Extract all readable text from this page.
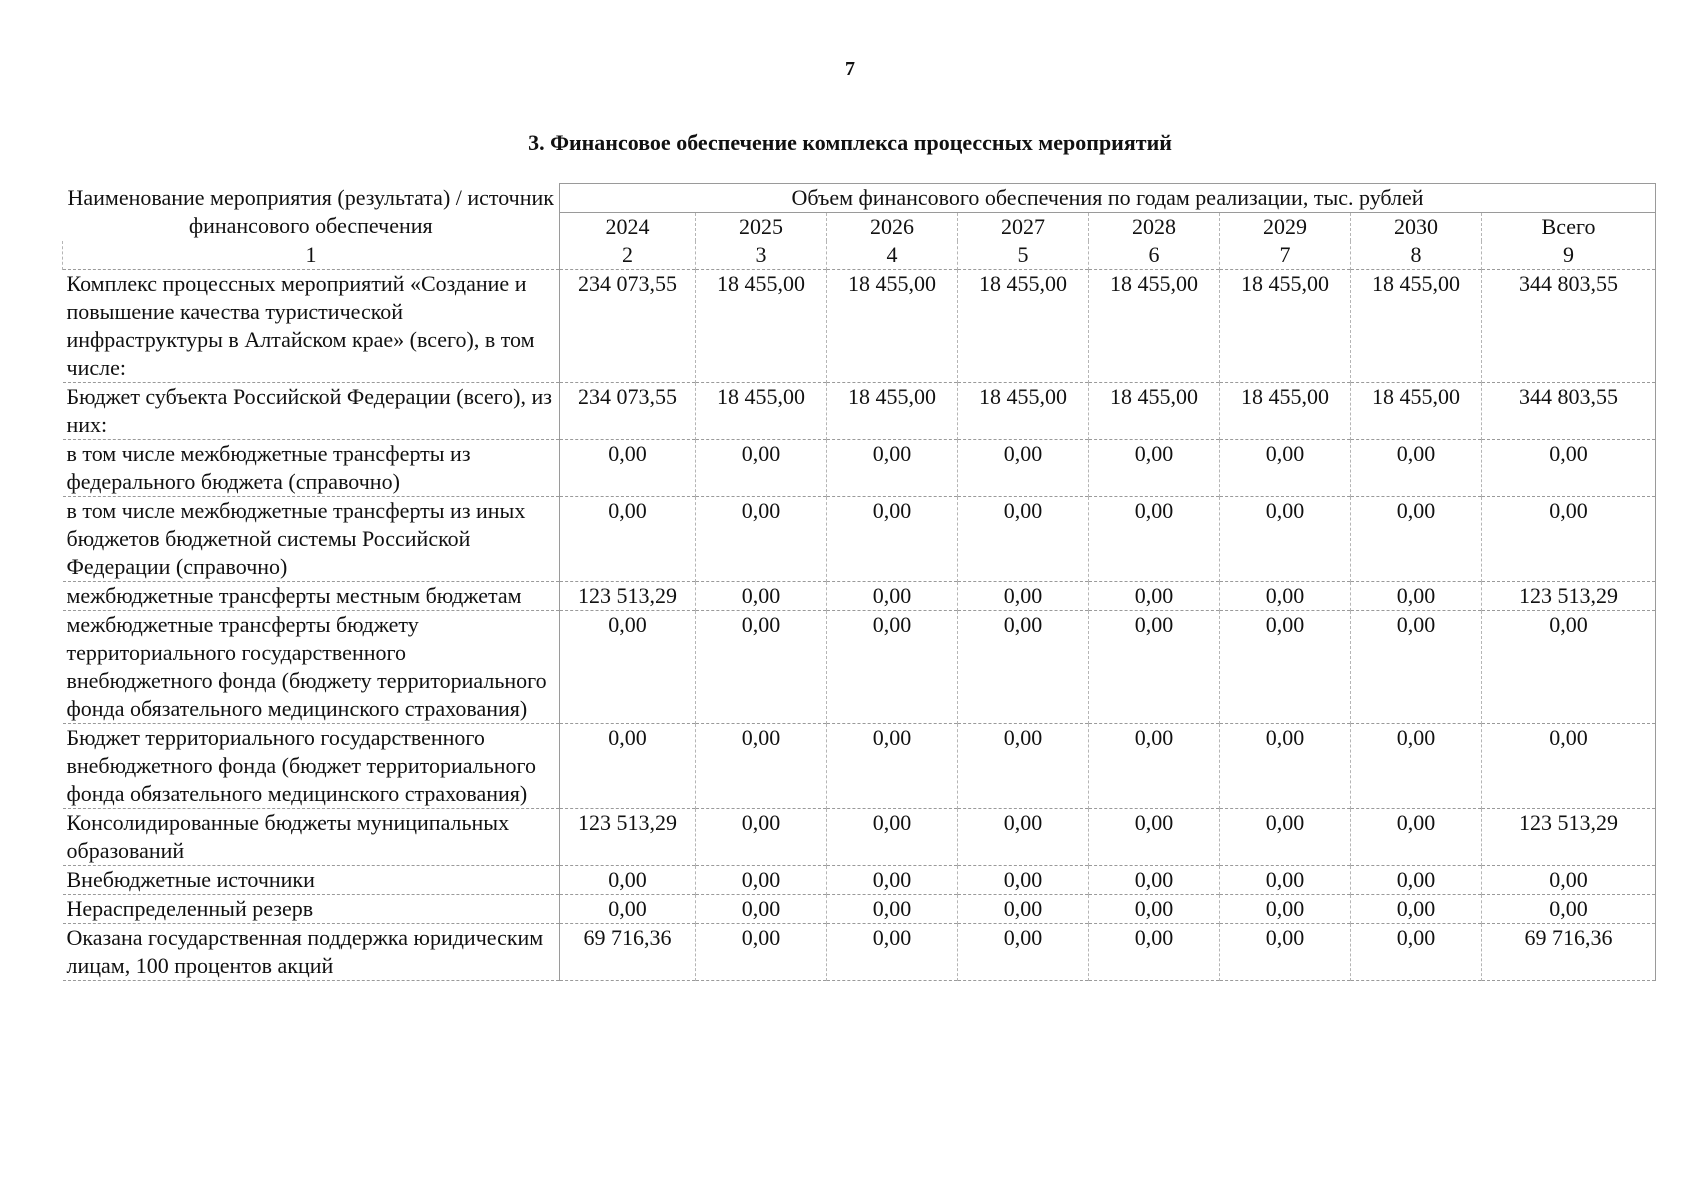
7
3. Финансовое обеспечение комплекса процессных мероприятий
Наименование мероприятия (результата) / источник финансового обеспечения	Объем финансового обеспечения по годам реализации, тыс. рублей							
	2024	2025	2026	2027	2028	2029	2030	Всего
1	2	3	4	5	6	7	8	9
Комплекс процессных мероприятий «Создание и повышение качества туристической инфраструктуры в Алтайском крае» (всего), в том числе:	234 073,55	18 455,00	18 455,00	18 455,00	18 455,00	18 455,00	18 455,00	344 803,55
Бюджет субъекта Российской Федерации (всего), из них:	234 073,55	18 455,00	18 455,00	18 455,00	18 455,00	18 455,00	18 455,00	344 803,55
в том числе межбюджетные трансферты из федерального бюджета (справочно)	0,00	0,00	0,00	0,00	0,00	0,00	0,00	0,00
в том числе межбюджетные трансферты из иных бюджетов бюджетной системы Российской Федерации (справочно)	0,00	0,00	0,00	0,00	0,00	0,00	0,00	0,00
межбюджетные трансферты местным бюджетам	123 513,29	0,00	0,00	0,00	0,00	0,00	0,00	123 513,29
межбюджетные трансферты бюджету территориального государственного внебюджетного фонда (бюджету территориального фонда обязательного медицинского страхования)	0,00	0,00	0,00	0,00	0,00	0,00	0,00	0,00
Бюджет территориального государственного внебюджетного фонда (бюджет территориального фонда обязательного медицинского страхования)	0,00	0,00	0,00	0,00	0,00	0,00	0,00	0,00
Консолидированные бюджеты муниципальных образований	123 513,29	0,00	0,00	0,00	0,00	0,00	0,00	123 513,29
Внебюджетные источники	0,00	0,00	0,00	0,00	0,00	0,00	0,00	0,00
Нераспределенный резерв	0,00	0,00	0,00	0,00	0,00	0,00	0,00	0,00
Оказана государственная поддержка юридическим лицам, 100 процентов акций	69 716,36	0,00	0,00	0,00	0,00	0,00	0,00	69 716,36
